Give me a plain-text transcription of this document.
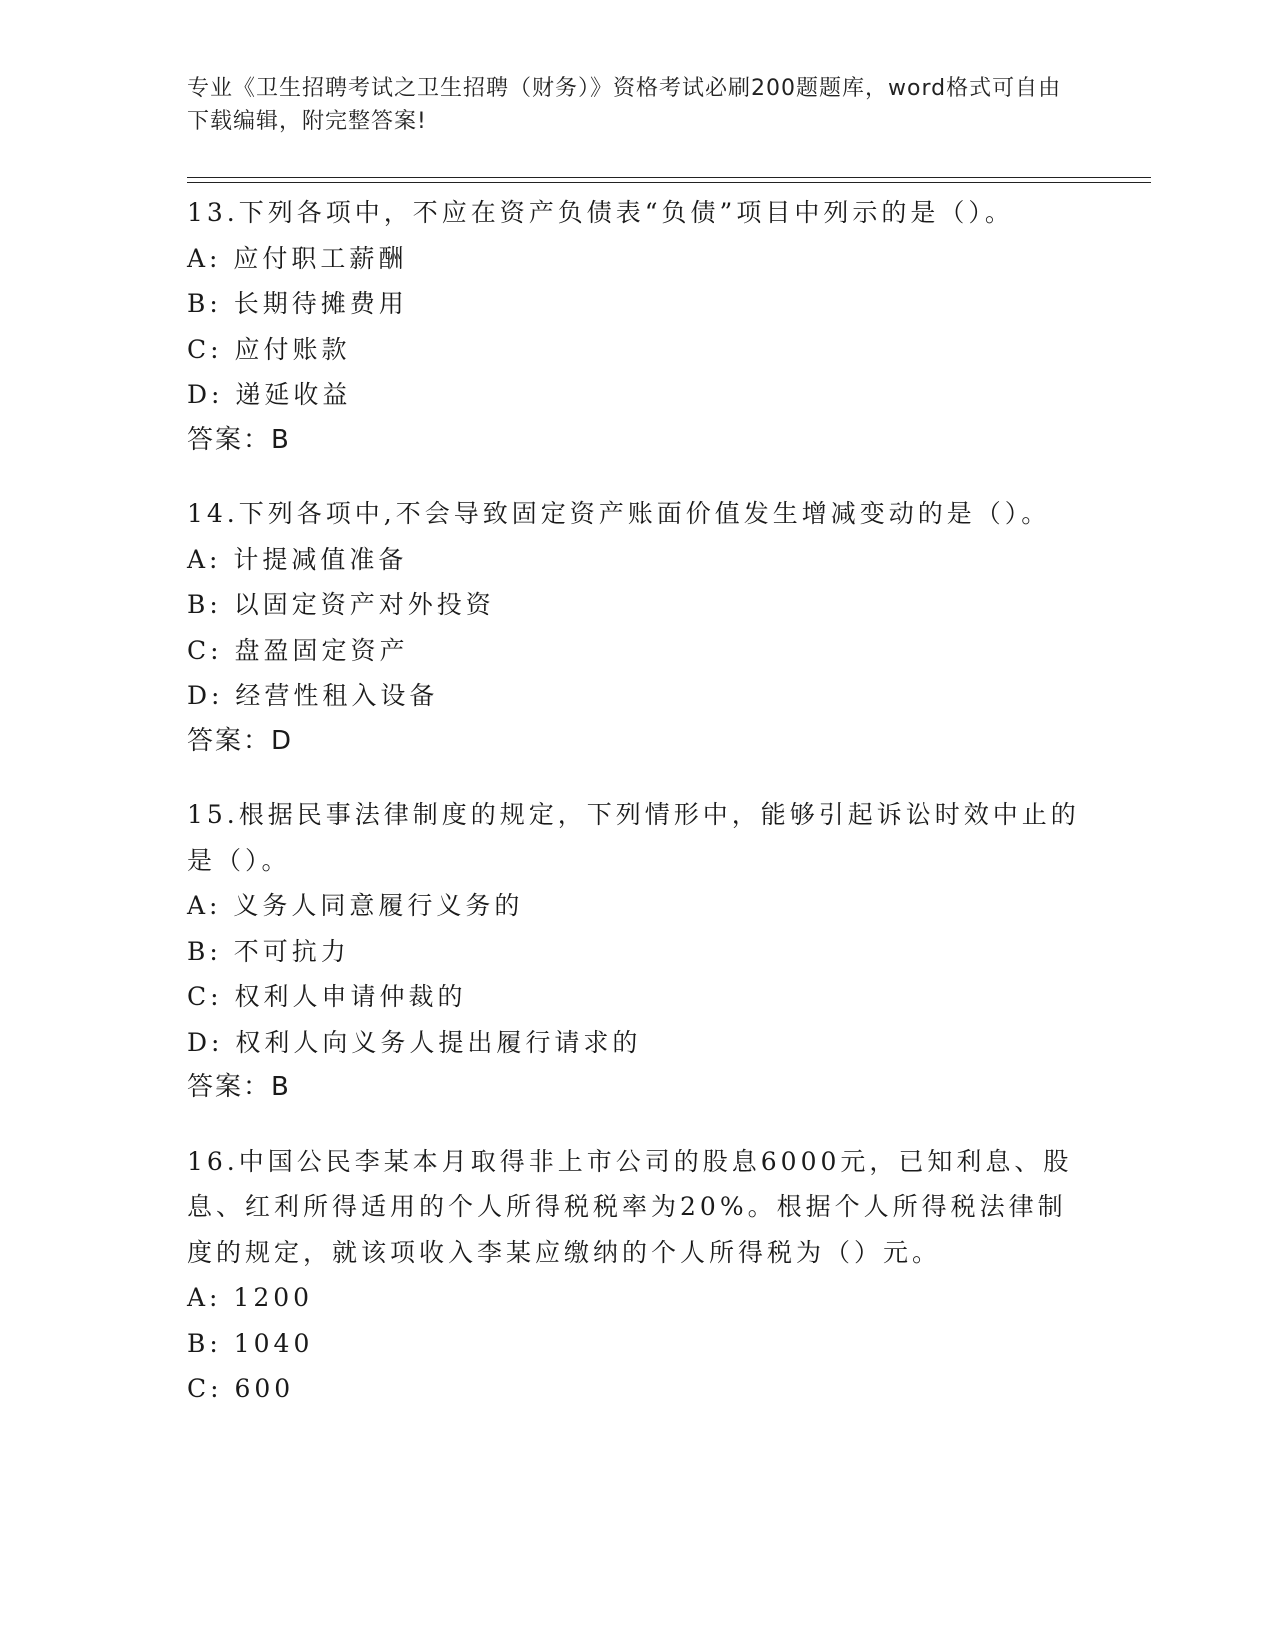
专业《卫生招聘考试之卫生招聘（财务）》资格考试必刷200题题库，word格式可自由下载编辑，附完整答案!
13.下列各项中，不应在资产负债表“负债”项目中列示的是（）。
A: 应付职工薪酬
B: 长期待摊费用
C: 应付账款
D: 递延收益
答案：B
14.下列各项中,不会导致固定资产账面价值发生增减变动的是（）。
A: 计提减值准备
B: 以固定资产对外投资
C: 盘盈固定资产
D: 经营性租入设备
答案：D
15.根据民事法律制度的规定，下列情形中，能够引起诉讼时效中止的是（）。
A: 义务人同意履行义务的
B: 不可抗力
C: 权利人申请仲裁的
D: 权利人向义务人提出履行请求的
答案：B
16.中国公民李某本月取得非上市公司的股息6000元，已知利息、股息、红利所得适用的个人所得税税率为20%。根据个人所得税法律制度的规定，就该项收入李某应缴纳的个人所得税为（）元。
A: 1200
B: 1040
C: 600
